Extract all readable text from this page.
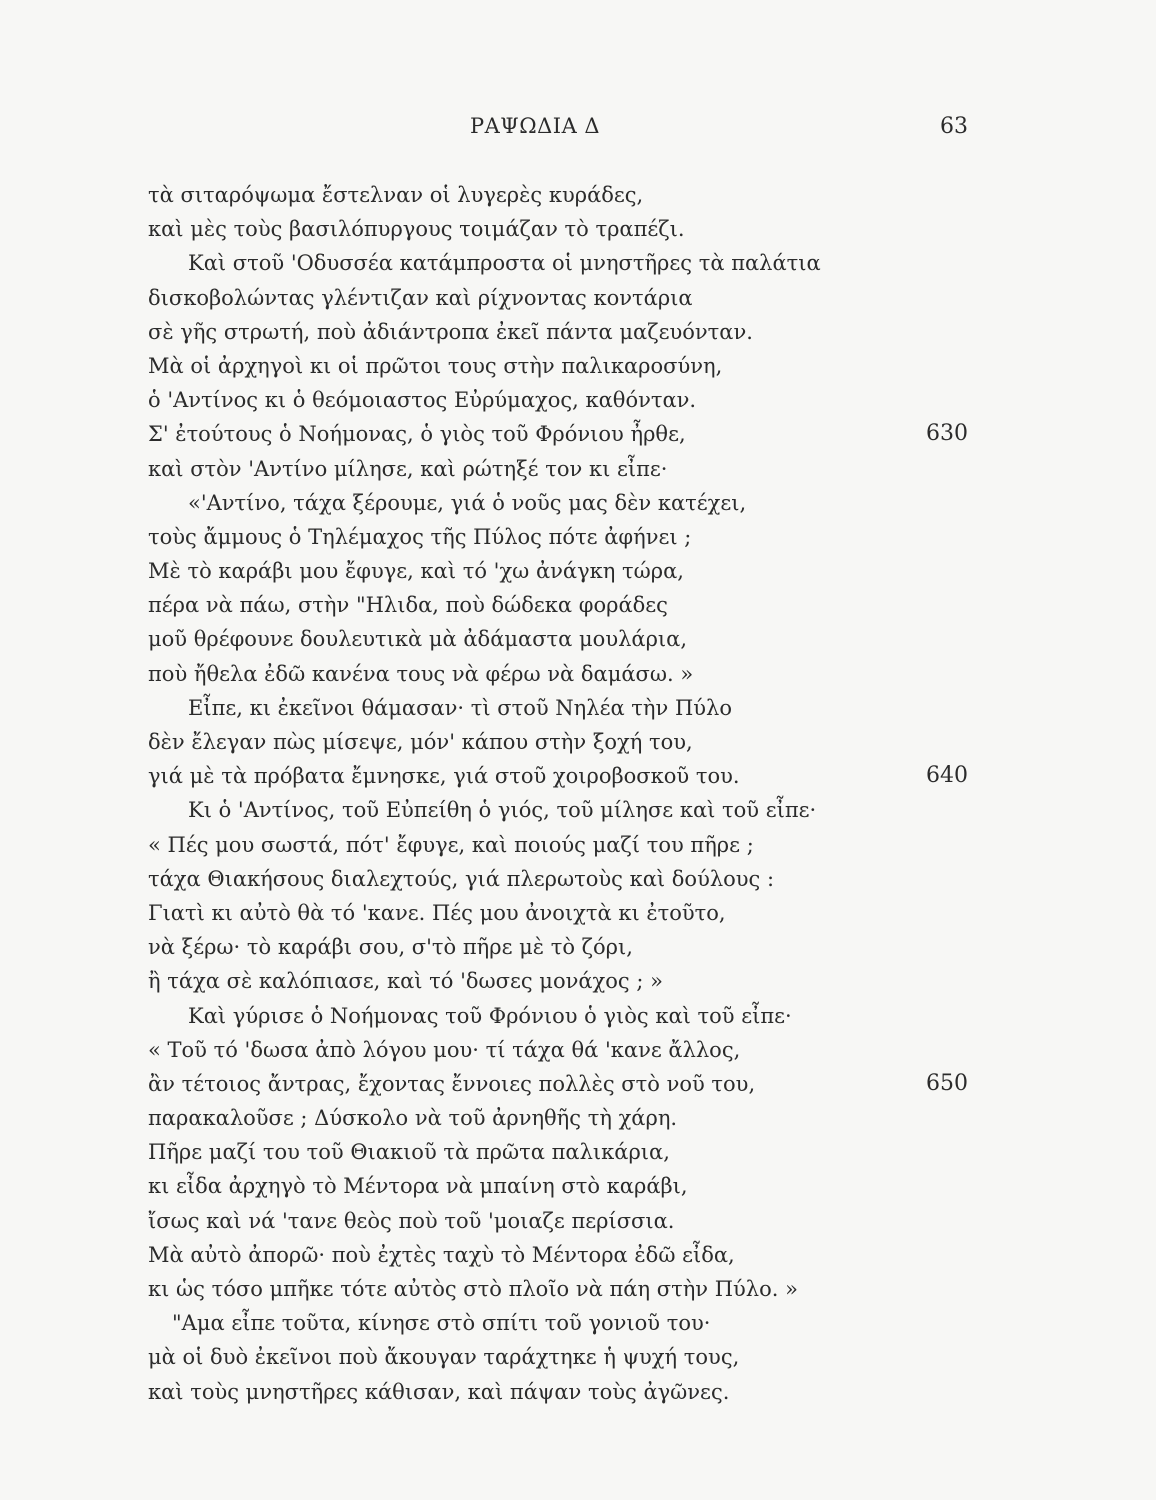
ΡΑΨΩΔΙΑ Δ	63
τὰ σιταρόψωμα ἔστελναν οἱ λυγερὲς κυράδες,
καὶ μὲς τοὺς βασιλόπυργους τοιμάζαν τὸ τραπέζι.
Καὶ στοῦ 'Οδυσσέα κατάμπροστα οἱ μνηστῆρες τὰ παλάτια
δισκοβολώντας γλέντιζαν καὶ ρίχνοντας κοντάρια
σὲ γῆς στρωτή, ποὺ ἀδιάντροπα ἐκεῖ πάντα μαζευόνταν.
Μὰ οἱ ἀρχηγοὶ κι οἱ πρῶτοι τους στὴν παλικαροσύνη,
ὁ 'Αντίνος κι ὁ θεόμοιαστος Εὐρύμαχος, καθόνταν.
Σ' ἐτούτους ὁ Νοήμονας, ὁ γιὸς τοῦ Φρόνιου ἦρθε,	630
καὶ στὸν 'Αντίνο μίλησε, καὶ ρώτηξέ τον κι εἶπε·
«'Αντίνο, τάχα ξέρουμε, γιά ὁ νοῦς μας δὲν κατέχει,
τοὺς ἄμμους ὁ Τηλέμαχος τῆς Πύλος πότε ἀφήνει ;
Μὲ τὸ καράβι μου ἔφυγε, καὶ τό 'χω ἀνάγκη τώρα,
πέρα νὰ πάω, στὴν "Ηλιδα, ποὺ δώδεκα φοράδες
μοῦ θρέφουνε δουλευτικὰ μὰ ἀδάμαστα μουλάρια,
ποὺ ἤθελα ἐδῶ κανένα τους νὰ φέρω νὰ δαμάσω. »
Εἶπε, κι ἐκεῖνοι θάμασαν· τὶ στοῦ Νηλέα τὴν Πύλο
δὲν ἔλεγαν πὼς μίσεψε, μόν' κάπου στὴν ξοχή του,
γιά μὲ τὰ πρόβατα ἔμνησκε, γιά στοῦ χοιροβοσκοῦ του.	640
Κι ὁ 'Αντίνος, τοῦ Εὐπείθη ὁ γιός, τοῦ μίλησε καὶ τοῦ εἶπε·
« Πές μου σωστά, πότ' ἔφυγε, καὶ ποιούς μαζί του πῆρε ;
τάχα Θιακήσους διαλεχτούς, γιά πλερωτοὺς καὶ δούλους :
Γιατὶ κι αὐτὸ θὰ τό 'κανε. Πές μου ἀνοιχτὰ κι ἐτοῦτο,
νὰ ξέρω· τὸ καράβι σου, σ'τὸ πῆρε μὲ τὸ ζόρι,
ἢ τάχα σὲ καλόπιασε, καὶ τό 'δωσες μονάχος ; »
Καὶ γύρισε ὁ Νοήμονας τοῦ Φρόνιου ὁ γιὸς καὶ τοῦ εἶπε·
« Τοῦ τό 'δωσα ἀπὸ λόγου μου· τί τάχα θά 'κανε ἄλλος,
ἂν τέτοιος ἄντρας, ἔχοντας ἔννοιες πολλὲς στὸ νοῦ του,	650
παρακαλοῦσε ; Δύσκολο νὰ τοῦ ἀρνηθῆς τὴ χάρη.
Πῆρε μαζί του τοῦ Θιακιοῦ τὰ πρῶτα παλικάρια,
κι εἶδα ἀρχηγὸ τὸ Μέντορα νὰ μπαίνη στὸ καράβι,
ἴσως καὶ νά 'τανε θεὸς ποὺ τοῦ 'μοιαζε περίσσια.
Μὰ αὐτὸ ἀπορῶ· ποὺ ἐχτὲς ταχὺ τὸ Μέντορα ἐδῶ εἶδα,
κι ὡς τόσο μπῆκε τότε αὐτὸς στὸ πλοῖο νὰ πάη στὴν Πύλο. »
"Αμα εἶπε τοῦτα, κίνησε στὸ σπίτι τοῦ γονιοῦ του·
μὰ οἱ δυὸ ἐκεῖνοι ποὺ ἄκουγαν ταράχτηκε ἡ ψυχή τους,
καὶ τοὺς μνηστῆρες κάθισαν, καὶ πάψαν τοὺς ἀγῶνες.
